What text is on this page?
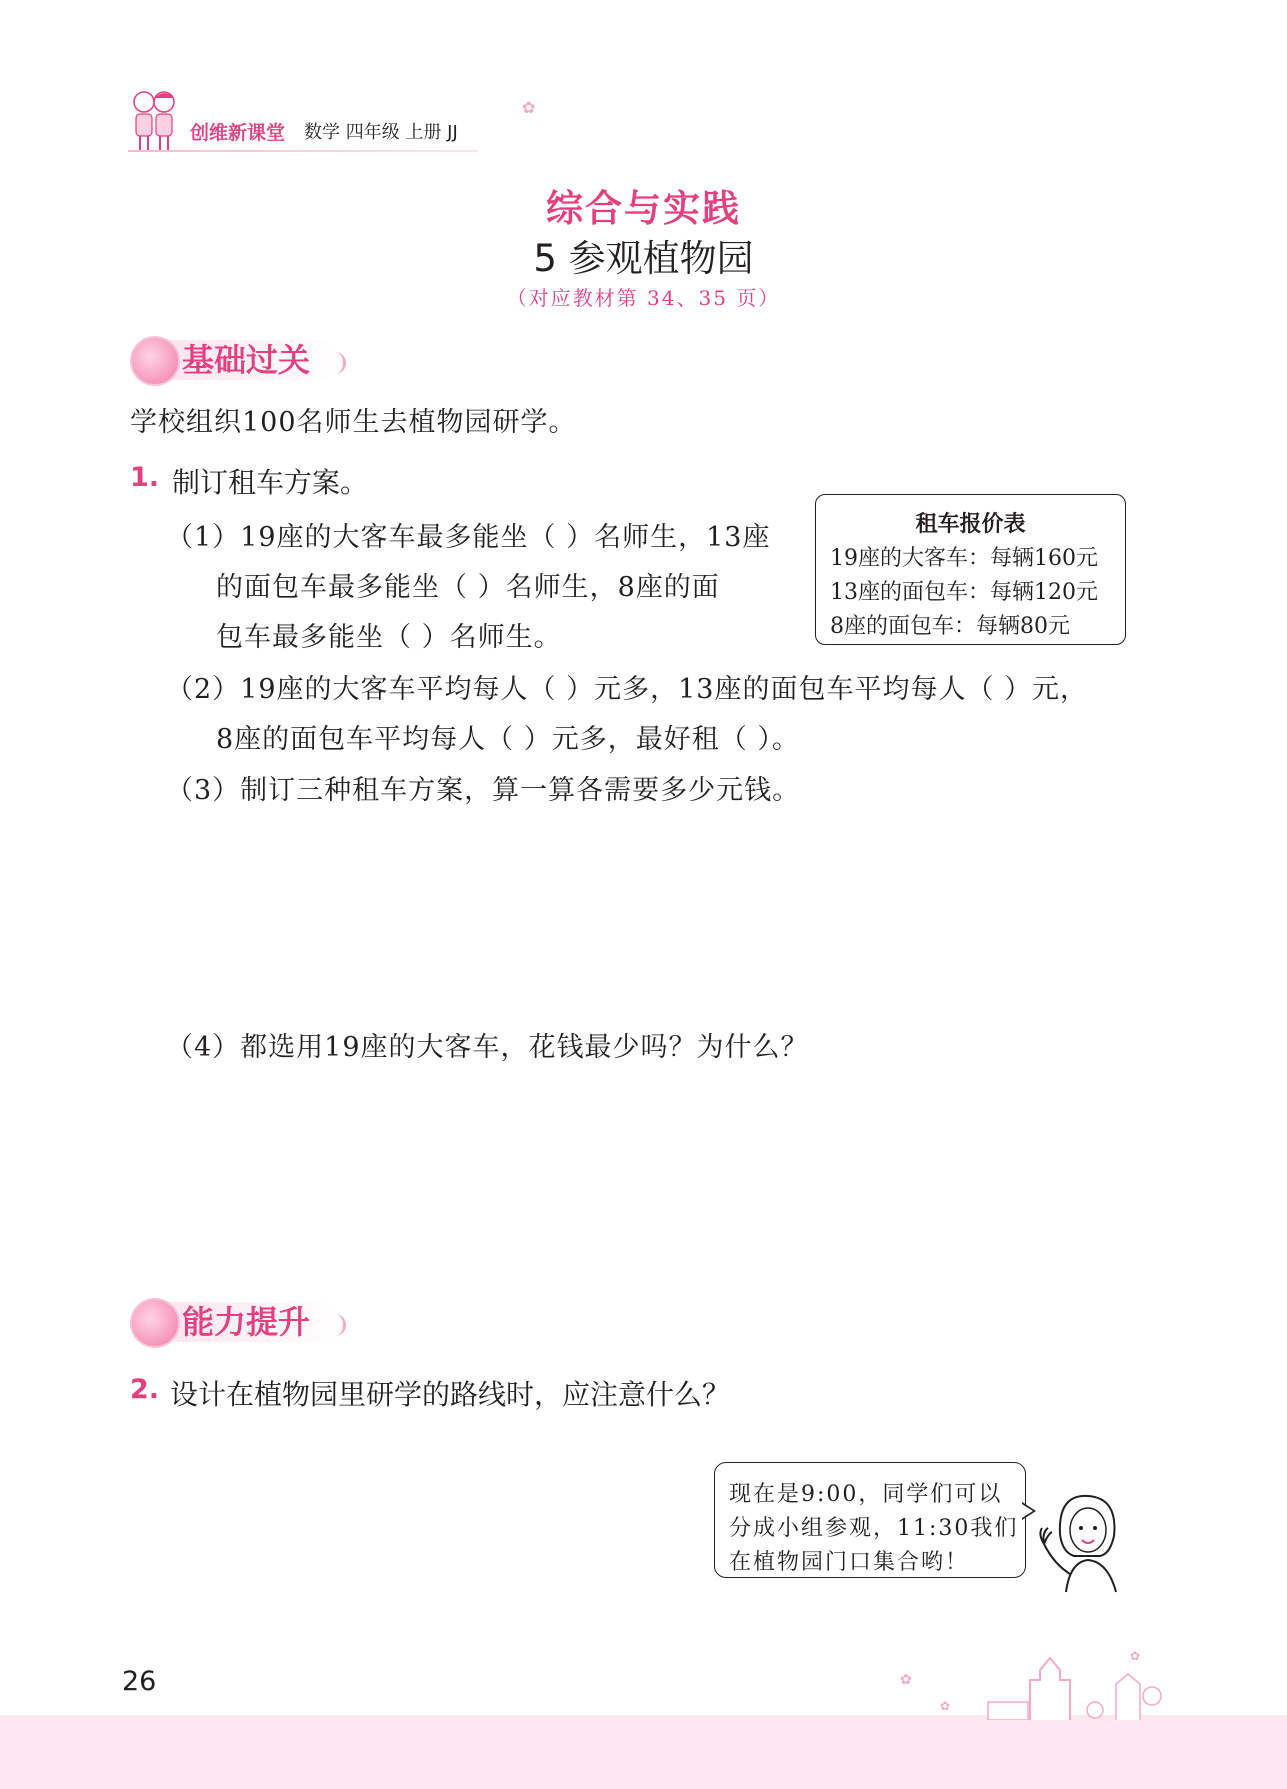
创维新课堂 数学 四年级 上册 JJ
✿
综合与实践
5 参观植物园
（对应教材第 34、35 页）
基础过关
学校组织100名师生去植物园研学。
1. 制订租车方案。
（1）19座的大客车最多能坐（ ）名师生，13座
的面包车最多能坐（ ）名师生，8座的面
包车最多能坐（ ）名师生。
租车报价表
19座的大客车：每辆160元
13座的面包车：每辆120元
8座的面包车：每辆80元
（2）19座的大客车平均每人（ ）元多，13座的面包车平均每人（ ）元，
8座的面包车平均每人（ ）元多，最好租（ ）。
（3）制订三种租车方案，算一算各需要多少元钱。
（4）都选用19座的大客车，花钱最少吗？为什么？
能力提升
2. 设计在植物园里研学的路线时，应注意什么？
现在是9:00，同学们可以
分成小组参观，11:30我们
在植物园门口集合哟！
✿
✿
✿
26
